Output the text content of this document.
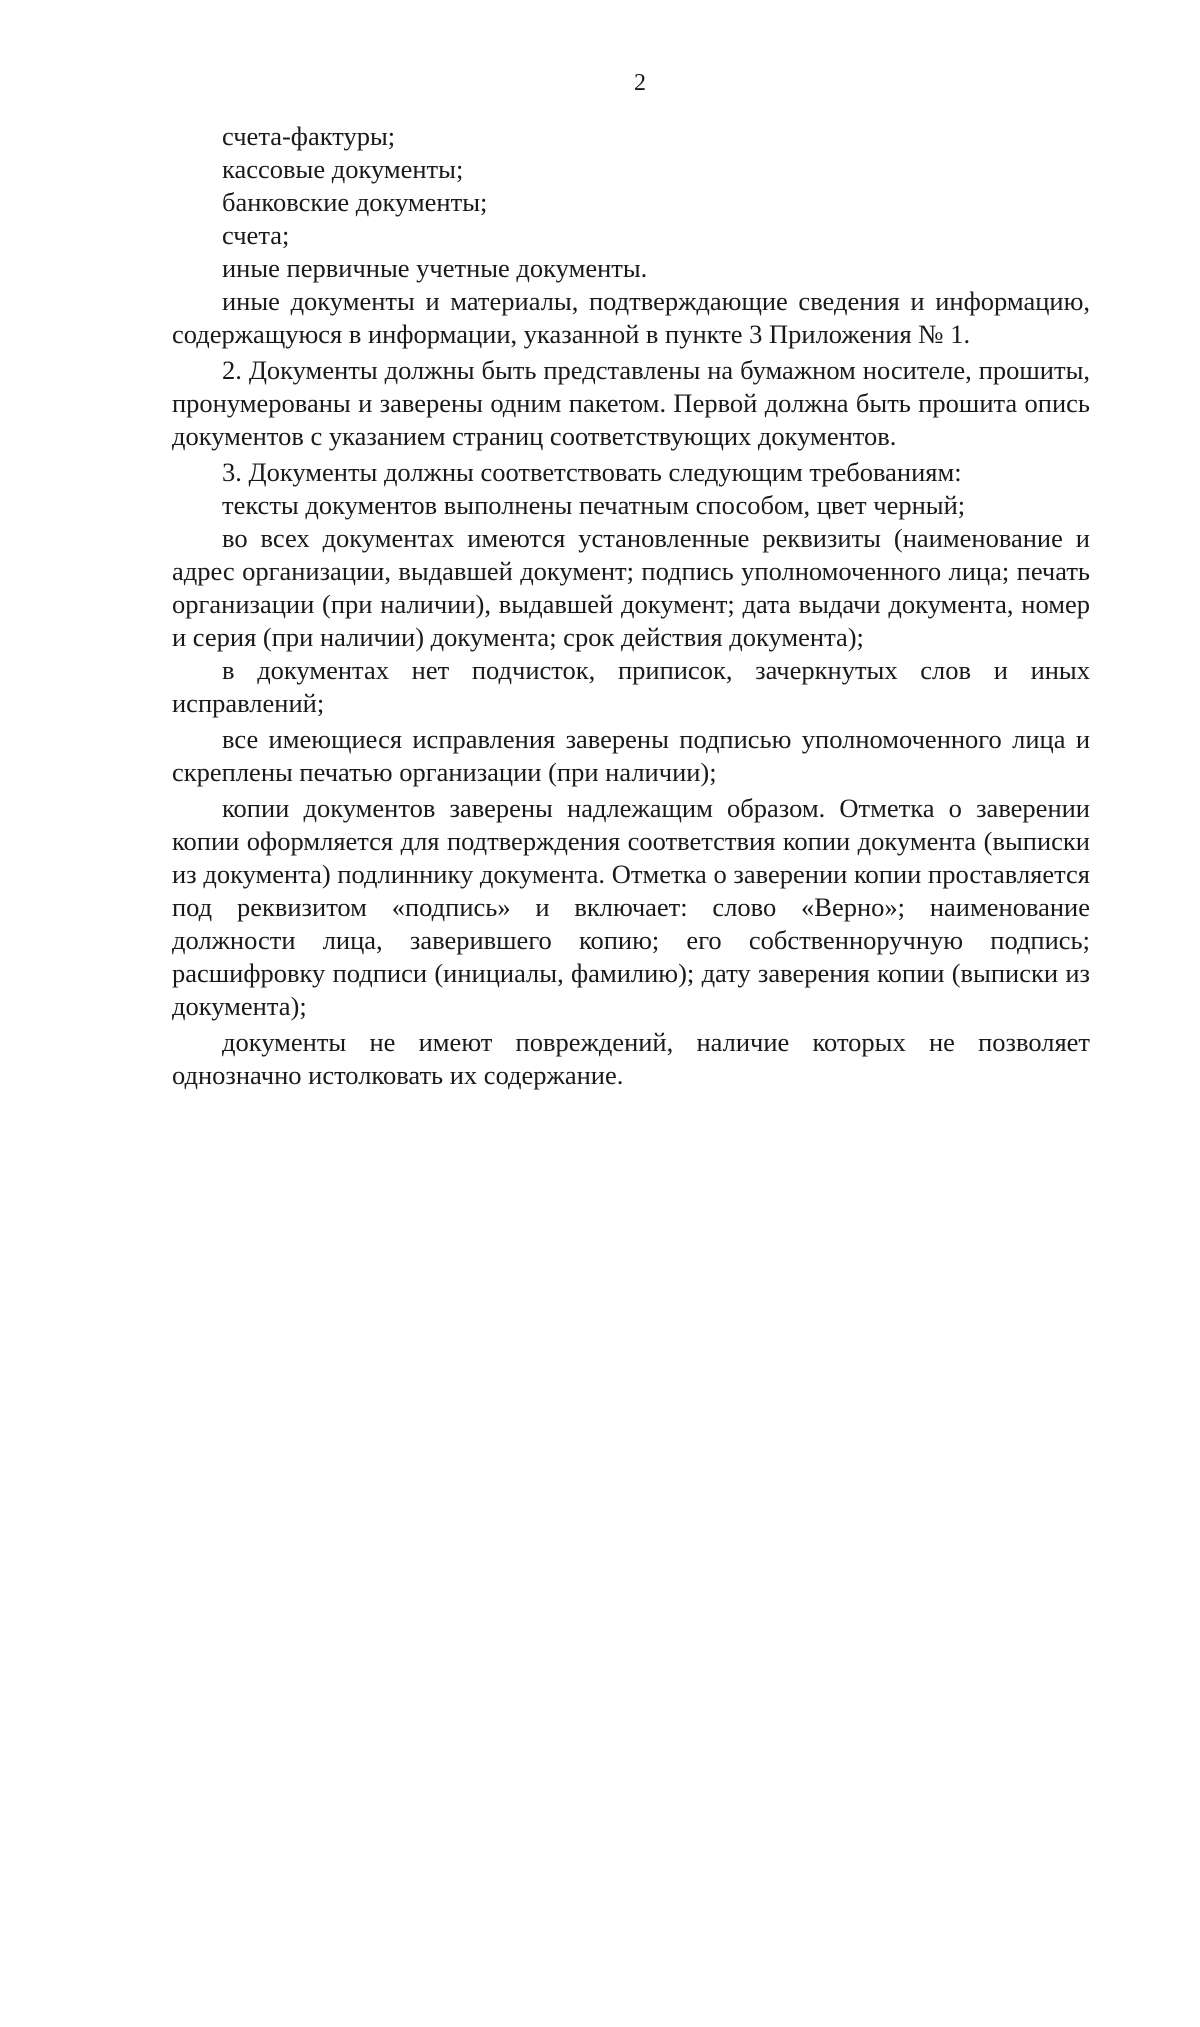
2

счета-фактуры;

кассовые документы;

банковские документы;

счета;

иные первичные учетные документы.

иные документы и материалы, подтверждающие сведения и информацию, содержащуюся в информации, указанной в пункте 3 Приложения № 1.

2. Документы должны быть представлены на бумажном носителе, прошиты, пронумерованы и заверены одним пакетом. Первой должна быть прошита опись документов с указанием страниц соответствующих документов.

3. Документы должны соответствовать следующим требованиям:

тексты документов выполнены печатным способом, цвет черный;

во всех документах имеются установленные реквизиты (наименование и адрес организации, выдавшей документ; подпись уполномоченного лица; печать организации (при наличии), выдавшей документ; дата выдачи документа, номер и серия (при наличии) документа; срок действия документа);

в документах нет подчисток, приписок, зачеркнутых слов и иных исправлений;

все имеющиеся исправления заверены подписью уполномоченного лица и скреплены печатью организации (при наличии);

копии документов заверены надлежащим образом. Отметка о заверении копии оформляется для подтверждения соответствия копии документа (выписки из документа) подлиннику документа. Отметка о заверении копии проставляется под реквизитом «подпись» и включает: слово «Верно»; наименование должности лица, заверившего копию; его собственноручную подпись; расшифровку подписи (инициалы, фамилию); дату заверения копии (выписки из документа);

документы не имеют повреждений, наличие которых не позволяет однозначно истолковать их содержание.
